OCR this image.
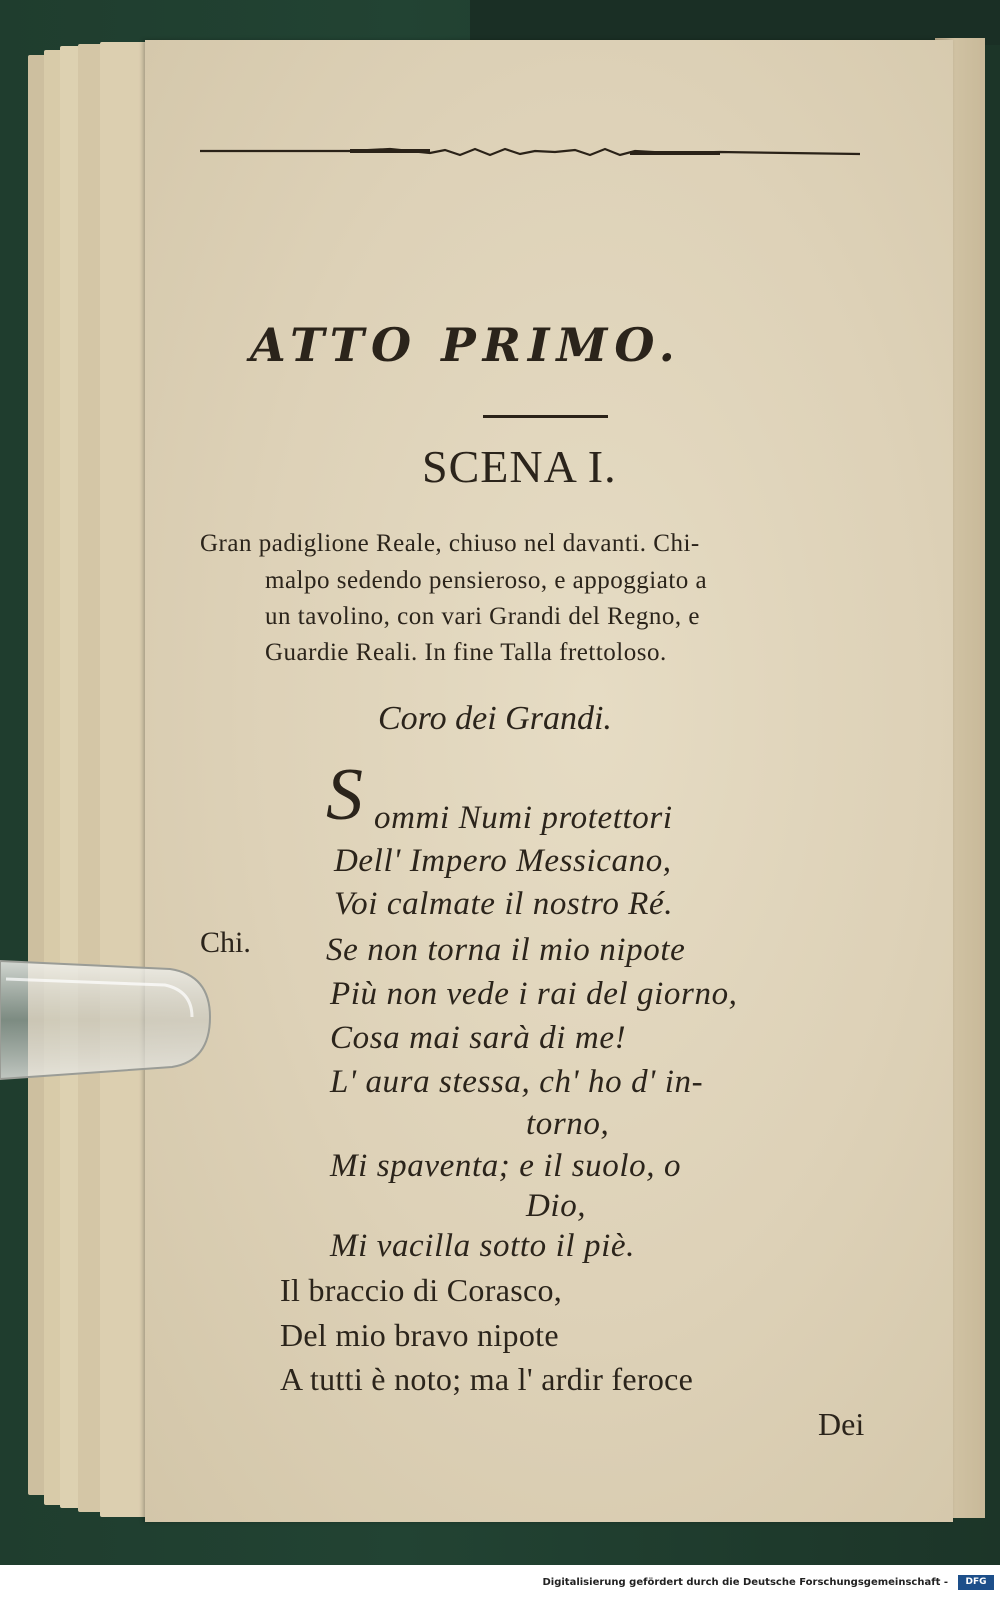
ATTO PRIMO.
SCENA I.
Gran padiglione Reale, chiuso nel davanti. Chi-
malpo sedendo pensieroso, e appoggiato a
un tavolino, con vari Grandi del Regno, e
Guardie Reali. In fine Talla frettoloso.
Coro dei Grandi.
S ommi Numi protettori
Dell' Impero Messicano,
Voi calmate il nostro Ré.
Chi. Se non torna il mio nipote
Più non vede i rai del giorno,
Cosa mai sarà di me!
L' aura stessa, ch' ho d' in-
torno,
Mi spaventa; e il suolo, o
Dio,
Mi vacilla sotto il piè.
Il braccio di Corasco,
Del mio bravo nipote
A tutti è noto; ma l' ardir feroce
Dei
Digitalisierung gefördert durch die Deutsche Forschungsgemeinschaft -	DFG
